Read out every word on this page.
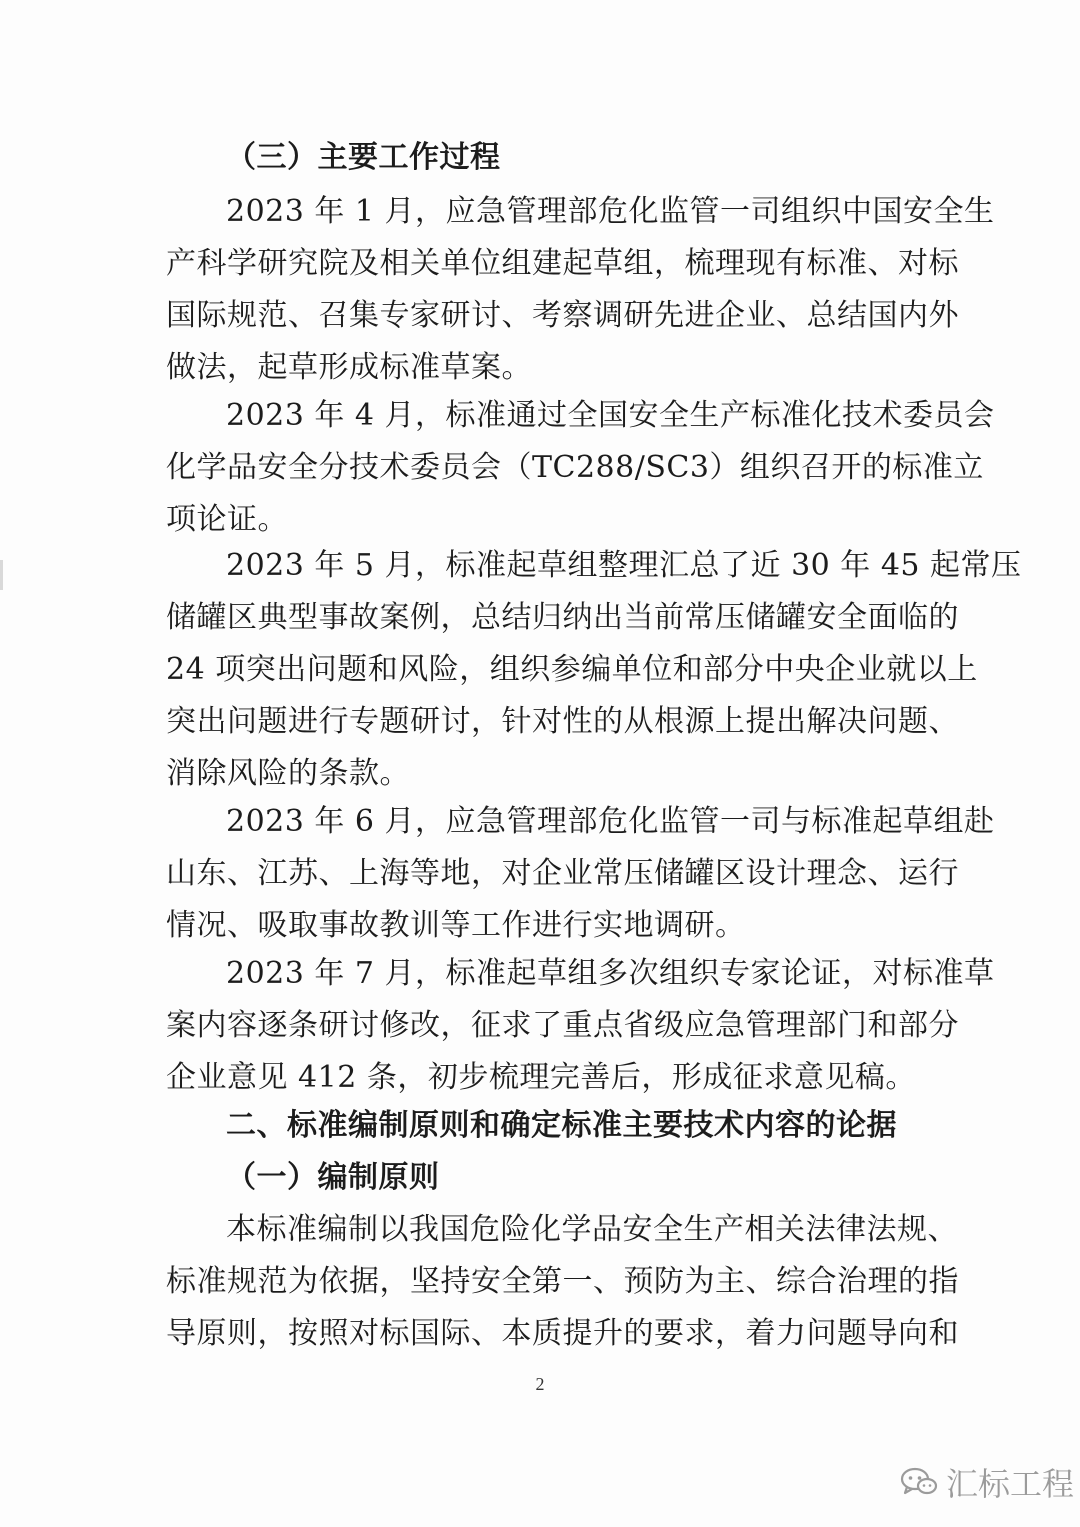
（三）主要工作过程
2023 年 1 月，应急管理部危化监管一司组织中国安全生
产科学研究院及相关单位组建起草组，梳理现有标准、对标
国际规范、召集专家研讨、考察调研先进企业、总结国内外
做法，起草形成标准草案。
2023 年 4 月，标准通过全国安全生产标准化技术委员会
化学品安全分技术委员会（TC288/SC3）组织召开的标准立
项论证。
2023 年 5 月，标准起草组整理汇总了近 30 年 45 起常压
储罐区典型事故案例，总结归纳出当前常压储罐安全面临的
24 项突出问题和风险，组织参编单位和部分中央企业就以上
突出问题进行专题研讨，针对性的从根源上提出解决问题、
消除风险的条款。
2023 年 6 月，应急管理部危化监管一司与标准起草组赴
山东、江苏、上海等地，对企业常压储罐区设计理念、运行
情况、吸取事故教训等工作进行实地调研。
2023 年 7 月，标准起草组多次组织专家论证，对标准草
案内容逐条研讨修改，征求了重点省级应急管理部门和部分
企业意见 412 条，初步梳理完善后，形成征求意见稿。
二、标准编制原则和确定标准主要技术内容的论据
（一）编制原则
本标准编制以我国危险化学品安全生产相关法律法规、
标准规范为依据，坚持安全第一、预防为主、综合治理的指
导原则，按照对标国际、本质提升的要求，着力问题导向和
2
汇标工程
